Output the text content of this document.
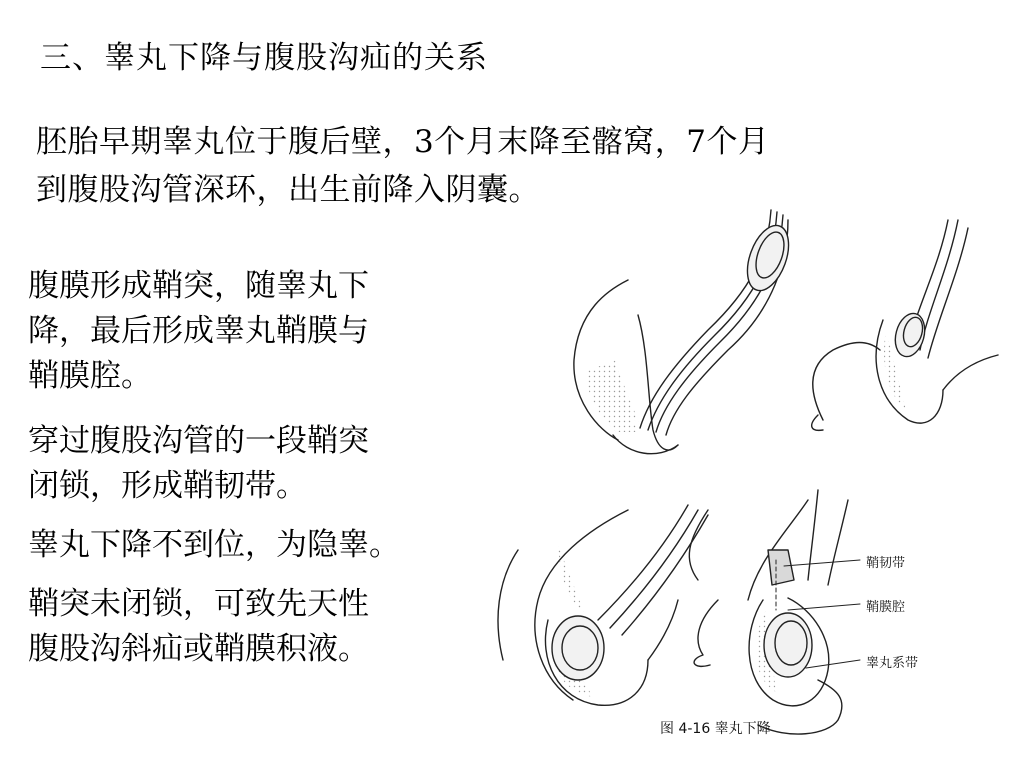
三、睾丸下降与腹股沟疝的关系
胚胎早期睾丸位于腹后壁，3个月末降至髂窝，7个月
到腹股沟管深环，出生前降入阴囊。

腹膜形成鞘突，随睾丸下
降，最后形成睾丸鞘膜与
鞘膜腔。

穿过腹股沟管的一段鞘突
闭锁，形成鞘韧带。

睾丸下降不到位，为隐睾。

鞘突未闭锁，可致先天性
腹股沟斜疝或鞘膜积液。

鞘韧带
鞘膜腔
睾丸系带
图 4-16 睾丸下降
